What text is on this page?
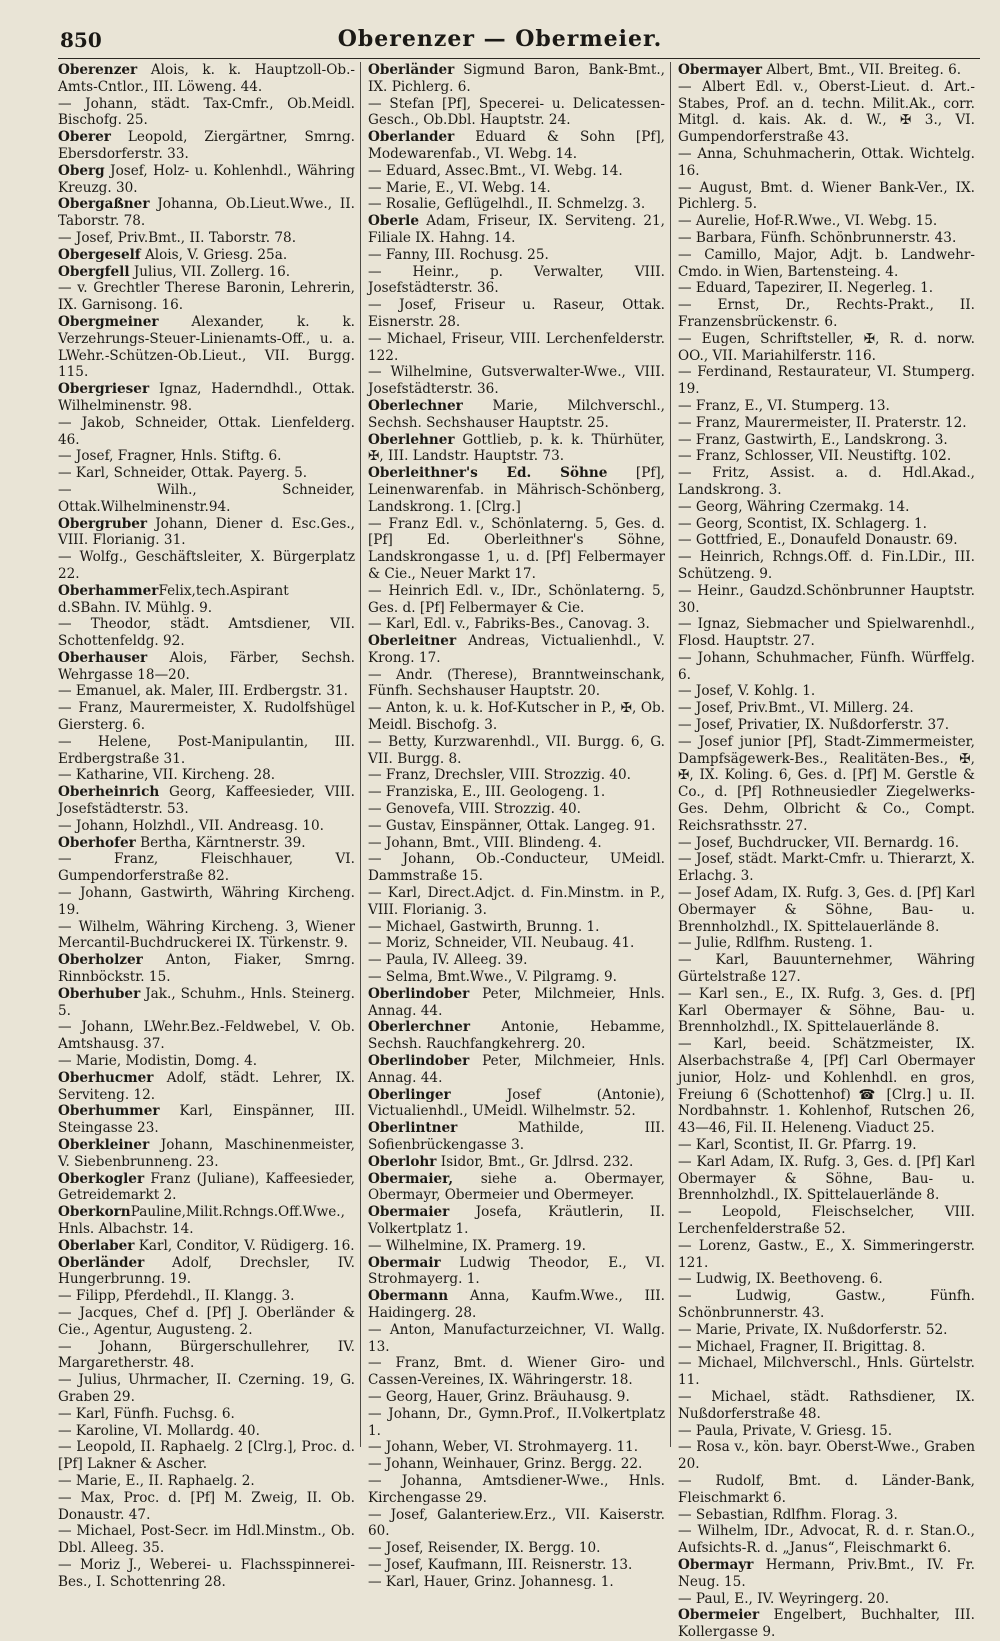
850	Oberenzer — Obermeier.

Oberenzer Alois, k. k. Hauptzoll-Ob.-Amts-Cntlor., III. Löweng. 44.

— Johann, städt. Tax-Cmfr., Ob.Meidl. Bischofg. 25.

Oberer Leopold, Ziergärtner, Smrng. Ebersdorferstr. 33.

Oberg Josef, Holz- u. Kohlenhdl., Währing Kreuzg. 30.

Obergaßner Johanna, Ob.Lieut.Wwe., II. Taborstr. 78.

— Josef, Priv.Bmt., II. Taborstr. 78.

Obergeself Alois, V. Griesg. 25a.

Obergfell Julius, VII. Zollerg. 16.

— v. Grechtler Therese Baronin, Lehrerin, IX. Garnisong. 16.

Obergmeiner Alexander, k. k. Verzehrungs-Steuer-Linienamts-Off., u. a. LWehr.-Schützen-Ob.Lieut., VII. Burgg. 115.

Obergrieser Ignaz, Haderndhdl., Ottak. Wilhelminenstr. 98.

— Jakob, Schneider, Ottak. Lienfelderg. 46.

— Josef, Fragner, Hnls. Stiftg. 6.

— Karl, Schneider, Ottak. Payerg. 5.

— Wilh., Schneider, Ottak.Wilhelminenstr.94.

Obergruber Johann, Diener d. Esc.Ges., VIII. Florianig. 31.

— Wolfg., Geschäftsleiter, X. Bürgerplatz 22.

OberhammerFelix,tech.Aspirant d.SBahn. IV. Mühlg. 9.

— Theodor, städt. Amtsdiener, VII. Schottenfeldg. 92.

Oberhauser Alois, Färber, Sechsh. Wehrgasse 18—20.

— Emanuel, ak. Maler, III. Erdbergstr. 31.

— Franz, Maurermeister, X. Rudolfshügel Giersterg. 6.

— Helene, Post-Manipulantin, III. Erdbergstraße 31.

— Katharine, VII. Kircheng. 28.

Oberheinrich Georg, Kaffeesieder, VIII. Josefstädterstr. 53.

— Johann, Holzhdl., VII. Andreasg. 10.

Oberhofer Bertha, Kärntnerstr. 39.

— Franz, Fleischhauer, VI. Gumpendorferstraße 82.

— Johann, Gastwirth, Währing Kircheng. 19.

— Wilhelm, Währing Kircheng. 3, Wiener Mercantil-Buchdruckerei IX. Türkenstr. 9.

Oberholzer Anton, Fiaker, Smrng. Rinnböckstr. 15.

Oberhuber Jak., Schuhm., Hnls. Steinerg. 5.

— Johann, LWehr.Bez.-Feldwebel, V. Ob. Amtshausg. 37.

— Marie, Modistin, Domg. 4.

Oberhucmer Adolf, städt. Lehrer, IX. Serviteng. 12.

Oberhummer Karl, Einspänner, III. Steingasse 23.

Oberkleiner Johann, Maschinenmeister, V. Siebenbrunneng. 23.

Oberkogler Franz (Juliane), Kaffeesieder, Getreidemarkt 2.

OberkornPauline,Milit.Rchngs.Off.Wwe., Hnls. Albachstr. 14.

Oberlaber Karl, Conditor, V. Rüdigerg. 16.

Oberländer Adolf, Drechsler, IV. Hungerbrunng. 19.

— Filipp, Pferdehdl., II. Klangg. 3.

— Jacques, Chef d. [Pf] J. Oberländer & Cie., Agentur, Augusteng. 2.

— Johann, Bürgerschullehrer, IV. Margaretherstr. 48.

— Julius, Uhrmacher, II. Czerning. 19, G. Graben 29.

— Karl, Fünfh. Fuchsg. 6.

— Karoline, VI. Mollardg. 40.

— Leopold, II. Raphaelg. 2 [Clrg.], Proc. d. [Pf] Lakner & Ascher.

— Marie, E., II. Raphaelg. 2.

— Max, Proc. d. [Pf] M. Zweig, II. Ob. Donaustr. 47.

— Michael, Post-Secr. im Hdl.Minstm., Ob. Dbl. Alleeg. 35.

— Moriz J., Weberei- u. Flachsspinnerei-Bes., I. Schottenring 28.

Oberländer Sigmund Baron, Bank-Bmt., IX. Pichlerg. 6.

— Stefan [Pf], Specerei- u. Delicatessen-Gesch., Ob.Dbl. Hauptstr. 24.

Oberlander Eduard & Sohn [Pf], Modewarenfab., VI. Webg. 14.

— Eduard, Assec.Bmt., VI. Webg. 14.

— Marie, E., VI. Webg. 14.

— Rosalie, Geflügelhdl., II. Schmelzg. 3.

Oberle Adam, Friseur, IX. Serviteng. 21, Filiale IX. Hahng. 14.

— Fanny, III. Rochusg. 25.

— Heinr., p. Verwalter, VIII. Josefstädterstr. 36.

— Josef, Friseur u. Raseur, Ottak. Eisnerstr. 28.

— Michael, Friseur, VIII. Lerchenfelderstr. 122.

— Wilhelmine, Gutsverwalter-Wwe., VIII. Josefstädterstr. 36.

Oberlechner Marie, Milchverschl., Sechsh. Sechshauser Hauptstr. 25.

Oberlehner Gottlieb, p. k. k. Thürhüter, ✠, III. Landstr. Hauptstr. 73.

Oberleithner's Ed. Söhne [Pf], Leinenwarenfab. in Mährisch-Schönberg, Landskrong. 1. [Clrg.]

— Franz Edl. v., Schönlaterng. 5, Ges. d. [Pf] Ed. Oberleithner's Söhne, Landskrongasse 1, u. d. [Pf] Felbermayer & Cie., Neuer Markt 17.

— Heinrich Edl. v., IDr., Schönlaterng. 5, Ges. d. [Pf] Felbermayer & Cie.

— Karl, Edl. v., Fabriks-Bes., Canovag. 3.

Oberleitner Andreas, Victualienhdl., V. Krong. 17.

— Andr. (Therese), Branntweinschank, Fünfh. Sechshauser Hauptstr. 20.

— Anton, k. u. k. Hof-Kutscher in P., ✠, Ob. Meidl. Bischofg. 3.

— Betty, Kurzwarenhdl., VII. Burgg. 6, G. VII. Burgg. 8.

— Franz, Drechsler, VIII. Strozzig. 40.

— Franziska, E., III. Geologeng. 1.

— Genovefa, VIII. Strozzig. 40.

— Gustav, Einspänner, Ottak. Langeg. 91.

— Johann, Bmt., VIII. Blindeng. 4.

— Johann, Ob.-Conducteur, UMeidl. Dammstraße 15.

— Karl, Direct.Adjct. d. Fin.Minstm. in P., VIII. Florianig. 3.

— Michael, Gastwirth, Brunng. 1.

— Moriz, Schneider, VII. Neubaug. 41.

— Paula, IV. Alleeg. 39.

— Selma, Bmt.Wwe., V. Pilgramg. 9.

Oberlindober Peter, Milchmeier, Hnls. Annag. 44.

Oberlerchner Antonie, Hebamme, Sechsh. Rauchfangkehrerg. 20.

Oberlindober Peter, Milchmeier, Hnls. Annag. 44.

Oberlinger Josef (Antonie), Victualienhdl., UMeidl. Wilhelmstr. 52.

Oberlintner Mathilde, III. Sofienbrückengasse 3.

Oberlohr Isidor, Bmt., Gr. Jdlrsd. 232.

Obermaier, siehe a. Obermayer, Obermayr, Obermeier und Obermeyer.

Obermaier Josefa, Kräutlerin, II. Volkertplatz 1.

— Wilhelmine, IX. Pramerg. 19.

Obermair Ludwig Theodor, E., VI. Strohmayerg. 1.

Obermann Anna, Kaufm.Wwe., III. Haidingerg. 28.

— Anton, Manufacturzeichner, VI. Wallg. 13.

— Franz, Bmt. d. Wiener Giro- und Cassen-Vereines, IX. Währingerstr. 18.

— Georg, Hauer, Grinz. Bräuhausg. 9.

— Johann, Dr., Gymn.Prof., II.Volkertplatz 1.

— Johann, Weber, VI. Strohmayerg. 11.

— Johann, Weinhauer, Grinz. Bergg. 22.

— Johanna, Amtsdiener-Wwe., Hnls. Kirchengasse 29.

— Josef, Galanteriew.Erz., VII. Kaiserstr. 60.

— Josef, Reisender, IX. Bergg. 10.

— Josef, Kaufmann, III. Reisnerstr. 13.

— Karl, Hauer, Grinz. Johannesg. 1.

Obermayer Albert, Bmt., VII. Breiteg. 6.

— Albert Edl. v., Oberst-Lieut. d. Art.-Stabes, Prof. an d. techn. Milit.Ak., corr. Mitgl. d. kais. Ak. d. W., ✠ 3., VI. Gumpendorferstraße 43.

— Anna, Schuhmacherin, Ottak. Wichtelg. 16.

— August, Bmt. d. Wiener Bank-Ver., IX. Pichlerg. 5.

— Aurelie, Hof-R.Wwe., VI. Webg. 15.

— Barbara, Fünfh. Schönbrunnerstr. 43.

— Camillo, Major, Adjt. b. Landwehr-Cmdo. in Wien, Bartensteing. 4.

— Eduard, Tapezirer, II. Negerleg. 1.

— Ernst, Dr., Rechts-Prakt., II. Franzensbrückenstr. 6.

— Eugen, Schriftsteller, ✠, R. d. norw. OO., VII. Mariahilferstr. 116.

— Ferdinand, Restaurateur, VI. Stumperg. 19.

— Franz, E., VI. Stumperg. 13.

— Franz, Maurermeister, II. Praterstr. 12.

— Franz, Gastwirth, E., Landskrong. 3.

— Franz, Schlosser, VII. Neustiftg. 102.

— Fritz, Assist. a. d. Hdl.Akad., Landskrong. 3.

— Georg, Währing Czermakg. 14.

— Georg, Scontist, IX. Schlagerg. 1.

— Gottfried, E., Donaufeld Donaustr. 69.

— Heinrich, Rchngs.Off. d. Fin.LDir., III. Schützeng. 9.

— Heinr., Gaudzd.Schönbrunner Hauptstr. 30.

— Ignaz, Siebmacher und Spielwarenhdl., Flosd. Hauptstr. 27.

— Johann, Schuhmacher, Fünfh. Würffelg. 6.

— Josef, V. Kohlg. 1.

— Josef, Priv.Bmt., VI. Millerg. 24.

— Josef, Privatier, IX. Nußdorferstr. 37.

— Josef junior [Pf], Stadt-Zimmermeister, Dampfsägewerk-Bes., Realitäten-Bes., ✠, ✠, IX. Koling. 6, Ges. d. [Pf] M. Gerstle & Co., d. [Pf] Rothneusiedler Ziegelwerks-Ges. Dehm, Olbricht & Co., Compt. Reichsrathsstr. 27.

— Josef, Buchdrucker, VII. Bernardg. 16.

— Josef, städt. Markt-Cmfr. u. Thierarzt, X. Erlachg. 3.

— Josef Adam, IX. Rufg. 3, Ges. d. [Pf] Karl Obermayer & Söhne, Bau- u. Brennholzhdl., IX. Spittelauerlände 8.

— Julie, Rdlfhm. Rusteng. 1.

— Karl, Bauunternehmer, Währing Gürtelstraße 127.

— Karl sen., E., IX. Rufg. 3, Ges. d. [Pf] Karl Obermayer & Söhne, Bau- u. Brennholzhdl., IX. Spittelauerlände 8.

— Karl, beeid. Schätzmeister, IX. Alserbachstraße 4, [Pf] Carl Obermayer junior, Holz- und Kohlenhdl. en gros, Freiung 6 (Schottenhof) ☎ [Clrg.] u. II. Nordbahnstr. 1. Kohlenhof, Rutschen 26, 43—46, Fil. II. Heleneng. Viaduct 25.

— Karl, Scontist, II. Gr. Pfarrg. 19.

— Karl Adam, IX. Rufg. 3, Ges. d. [Pf] Karl Obermayer & Söhne, Bau- u. Brennholzhdl., IX. Spittelauerlände 8.

— Leopold, Fleischselcher, VIII. Lerchenfelderstraße 52.

— Lorenz, Gastw., E., X. Simmeringerstr. 121.

— Ludwig, IX. Beethoveng. 6.

— Ludwig, Gastw., Fünfh. Schönbrunnerstr. 43.

— Marie, Private, IX. Nußdorferstr. 52.

— Michael, Fragner, II. Brigittag. 8.

— Michael, Milchverschl., Hnls. Gürtelstr. 11.

— Michael, städt. Rathsdiener, IX. Nußdorferstraße 48.

— Paula, Private, V. Griesg. 15.

— Rosa v., kön. bayr. Oberst-Wwe., Graben 20.

— Rudolf, Bmt. d. Länder-Bank, Fleischmarkt 6.

— Sebastian, Rdlfhm. Florag. 3.

— Wilhelm, IDr., Advocat, R. d. r. Stan.O., Aufsichts-R. d. „Janus“, Fleischmarkt 6.

Obermayr Hermann, Priv.Bmt., IV. Fr. Neug. 15.

— Paul, E., IV. Weyringerg. 20.

Obermeier Engelbert, Buchhalter, III. Kollergasse 9.
